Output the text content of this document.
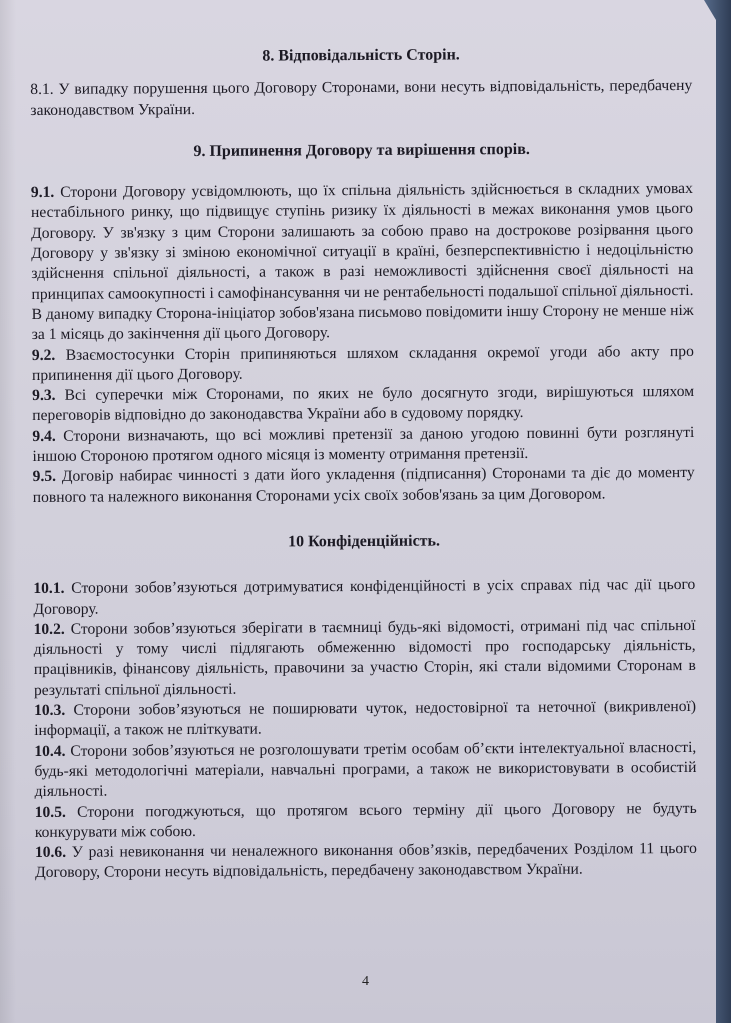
8. Відповідальність Сторін.

8.1. У випадку порушення цього Договору Сторонами, вони несуть відповідальність, передбачену законодавством України.

9. Припинення Договору та вирішення спорів.

9.1. Сторони Договору усвідомлюють, що їх спільна діяльність здійснюється в складних умовах нестабільного ринку, що підвищує ступінь ризику їх діяльності в межах виконання умов цього Договору. У зв'язку з цим Сторони залишають за собою право на дострокове розірвання цього Договору у зв'язку зі зміною економічної ситуації в країні, безперспективністю і недоцільністю здійснення спільної діяльності, а також в разі неможливості здійснення своєї діяльності на принципах самоокупності і самофінансування чи не рентабельності подальшої спільної діяльності. В даному випадку Сторона-ініціатор зобов'язана письмово повідомити іншу Сторону не менше ніж за 1 місяць до закінчення дії цього Договору.

9.2. Взаємостосунки Сторін припиняються шляхом складання окремої угоди або акту про припинення дії цього Договору.

9.3. Всі суперечки між Сторонами, по яких не було досягнуто згоди, вирішуються шляхом переговорів відповідно до законодавства України або в судовому порядку.

9.4. Сторони визначають, що всі можливі претензії за даною угодою повинні бути розглянуті іншою Стороною протягом одного місяця із моменту отримання претензії.

9.5. Договір набирає чинності з дати його укладення (підписання) Сторонами та діє до моменту повного та належного виконання Сторонами усіх своїх зобов'язань за цим Договором.

10 Конфіденційність.

10.1. Сторони зобов’язуються дотримуватися конфіденційності в усіх справах під час дії цього Договору.

10.2. Сторони зобов’язуються зберігати в таємниці будь-які відомості, отримані під час спільної діяльності у тому числі підлягають обмеженню відомості про господарську діяльність, працівників, фінансову діяльність, правочини за участю Сторін, які стали відомими Сторонам в результаті спільної діяльності.

10.3. Сторони зобов’язуються не поширювати чуток, недостовірної та неточної (викривленої) інформації, а також не пліткувати.

10.4. Сторони зобов’язуються не розголошувати третім особам об’єкти інтелектуальної власності, будь-які методологічні матеріали, навчальні програми, а також не використовувати в особистій діяльності.

10.5. Сторони погоджуються, що протягом всього терміну дії цього Договору не будуть конкурувати між собою.

10.6. У разі невиконання чи неналежного виконання обов’язків, передбачених Розділом 11 цього Договору, Сторони несуть відповідальність, передбачену законодавством України.

4
